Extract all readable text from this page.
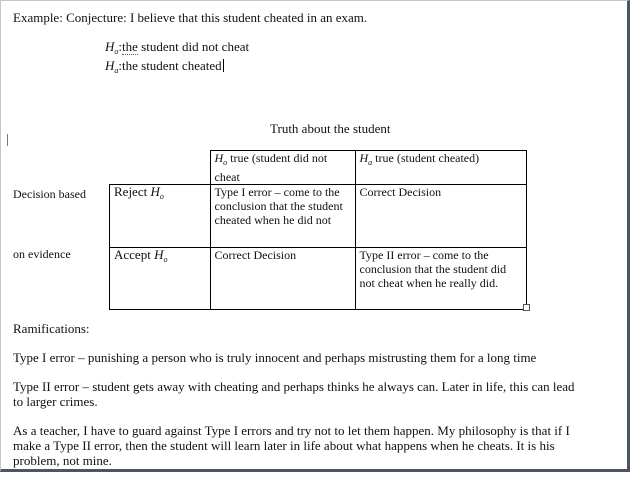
Example: Conjecture: I believe that this student cheated in an exam.
$H_o:the$ student did not cheat
$H_a:the$ student cheated
Truth about the student
Decision based
on evidence
	$H_o$ true (student did not cheat	$H_a$ true (student cheated)
Reject $H_o$	Type I error – come to the conclusion that the student cheated when he did not	Correct Decision
Accept $H_o$	Correct Decision	Type II error – come to the conclusion that the student did not cheat when he really did.
Ramifications:
Type I error – punishing a person who is truly innocent and perhaps mistrusting them for a long time
Type II error – student gets away with cheating and perhaps thinks he always can. Later in life, this can lead
to larger crimes.
As a teacher, I have to guard against Type I errors and try not to let them happen. My philosophy is that if I
make a Type II error, then the student will learn later in life about what happens when he cheats. It is his
problem, not mine.
